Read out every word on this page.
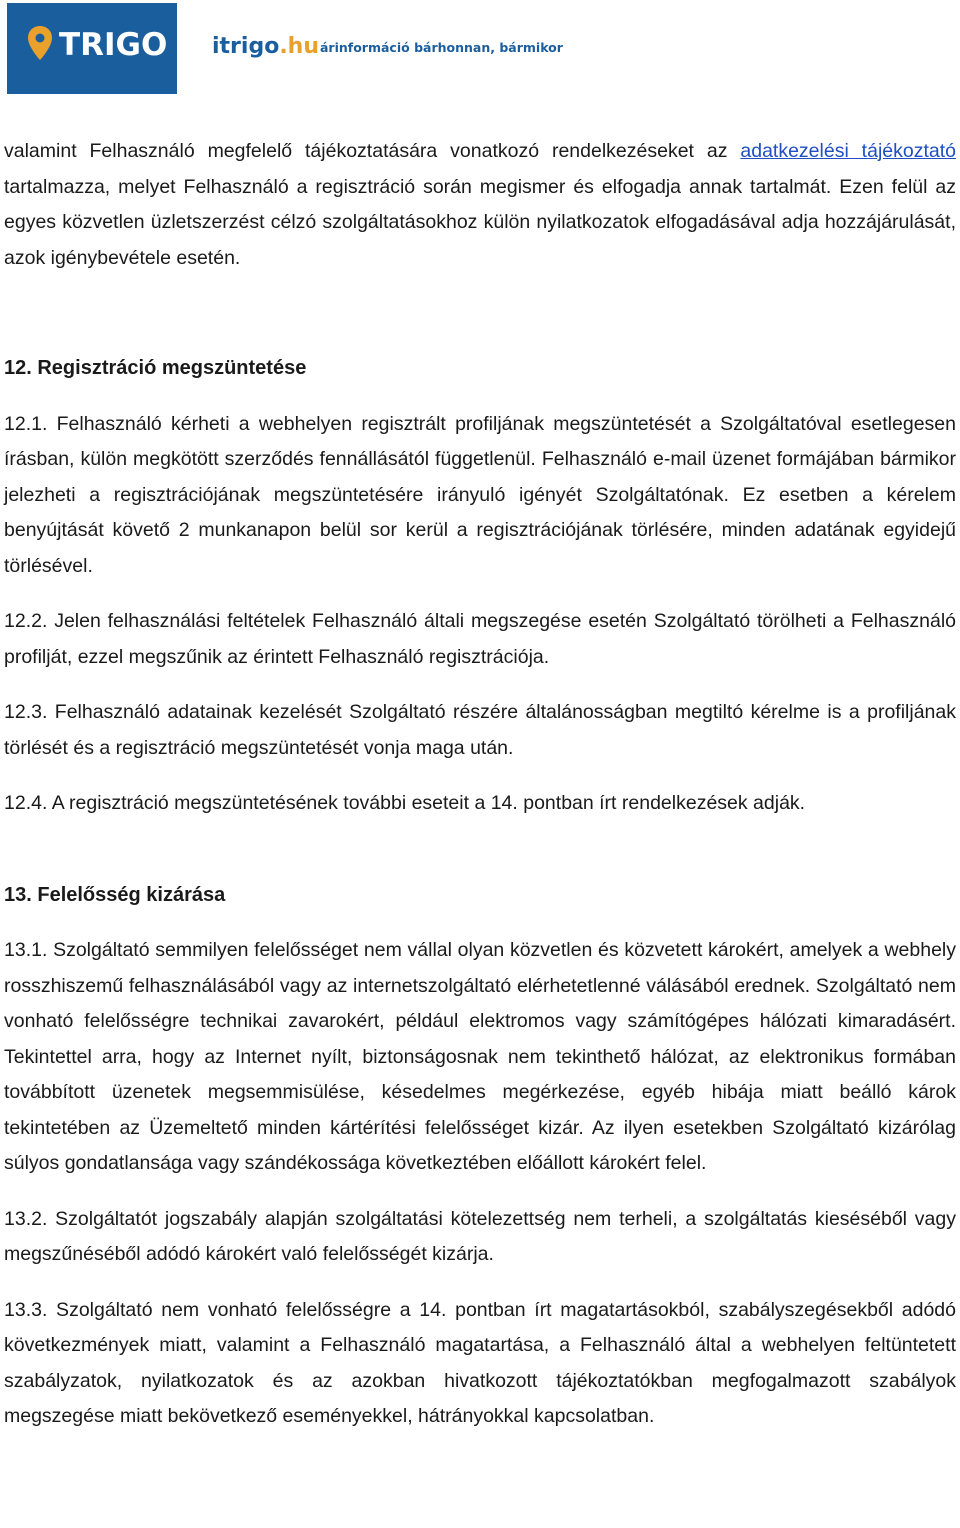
TRIGO itrigo.hu árinformáció bárhonnan, bármikor

valamint Felhasználó megfelelő tájékoztatására vonatkozó rendelkezéseket az adatkezelési tájékoztató tartalmazza, melyet Felhasználó a regisztráció során megismer és elfogadja annak tartalmát. Ezen felül az egyes közvetlen üzletszerzést célzó szolgáltatásokhoz külön nyilatkozatok elfogadásával adja hozzájárulását, azok igénybevétele esetén.

12. Regisztráció megszüntetése

12.1. Felhasználó kérheti a webhelyen regisztrált profiljának megszüntetését a Szolgáltatóval esetlegesen írásban, külön megkötött szerződés fennállásától függetlenül. Felhasználó e-mail üzenet formájában bármikor jelezheti a regisztrációjának megszüntetésére irányuló igényét Szolgáltatónak. Ez esetben a kérelem benyújtását követő 2 munkanapon belül sor kerül a regisztrációjának törlésére, minden adatának egyidejű törlésével.

12.2. Jelen felhasználási feltételek Felhasználó általi megszegése esetén Szolgáltató törölheti a Felhasználó profilját, ezzel megszűnik az érintett Felhasználó regisztrációja.

12.3. Felhasználó adatainak kezelését Szolgáltató részére általánosságban megtiltó kérelme is a profiljának törlését és a regisztráció megszüntetését vonja maga után.

12.4. A regisztráció megszüntetésének további eseteit a 14. pontban írt rendelkezések adják.

13. Felelősség kizárása

13.1. Szolgáltató semmilyen felelősséget nem vállal olyan közvetlen és közvetett károkért, amelyek a webhely rosszhiszemű felhasználásából vagy az internetszolgáltató elérhetetlenné válásából erednek. Szolgáltató nem vonható felelősségre technikai zavarokért, például elektromos vagy számítógépes hálózati kimaradásért. Tekintettel arra, hogy az Internet nyílt, biztonságosnak nem tekinthető hálózat, az elektronikus formában továbbított üzenetek megsemmisülése, késedelmes megérkezése, egyéb hibája miatt beálló károk tekintetében az Üzemeltető minden kártérítési felelősséget kizár. Az ilyen esetekben Szolgáltató kizárólag súlyos gondatlansága vagy szándékossága következtében előállott károkért felel.

13.2. Szolgáltatót jogszabály alapján szolgáltatási kötelezettség nem terheli, a szolgáltatás kieséséből vagy megszűnéséből adódó károkért való felelősségét kizárja.

13.3. Szolgáltató nem vonható felelősségre a 14. pontban írt magatartásokból, szabályszegésekből adódó következmények miatt, valamint a Felhasználó magatartása, a Felhasználó által a webhelyen feltüntetett szabályzatok, nyilatkozatok és az azokban hivatkozott tájékoztatókban megfogalmazott szabályok megszegése miatt bekövetkező eseményekkel, hátrányokkal kapcsolatban.
